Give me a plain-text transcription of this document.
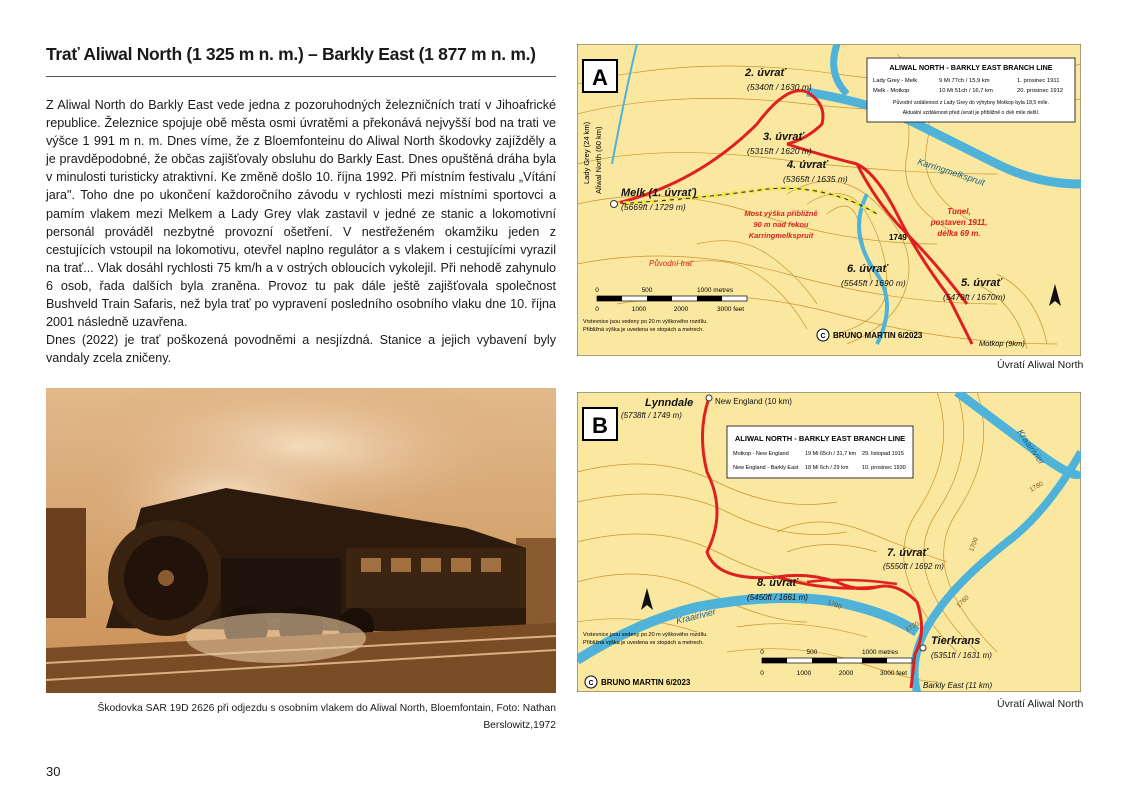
Trať Aliwal North (1 325 m n. m.) – Barkly East (1 877 m n. m.)

Z Aliwal North do Barkly East vede jedna z pozoruhodných železničních tratí v Jihoafrické republice. Železnice spojuje obě města osmi úvratěmi a překonává nejvyšší bod na trati ve výšce 1 991 m n. m. Dnes víme, že z Bloemfonteinu do Aliwal North škodovky zajížděly a je pravděpodobné, že občas zajišťovaly obsluhu do Barkly East. Dnes opuštěná dráha byla v minulosti turisticky atraktivní. Ke změně došlo 10. října 1992. Při místním festivalu „Vítání jara". Toho dne po ukončení každoročního závodu v rychlosti mezi místními sportovci a pamím vlakem mezi Melkem a Lady Grey vlak zastavil v jedné ze stanic a lokomotivní personál prováděl nezbytné provozní ošetření. V nestřeženém okamžiku jeden z cestujících vstoupil na lokomotivu, otevřel naplno regulátor a s vlakem i cestujícími vyrazil na trať... Vlak dosáhl rychlosti 75 km/h a v ostrých obloucích vykolejil. Při nehodě zahynulo 6 osob, řada dalších byla zraněna. Provoz tu pak dále ještě zajišťovala společnost Bushveld Train Safaris, než byla trať po vypravení posledního osobního vlaku dne 10. října 2001 následně uzavřena.

Dnes (2022) je trať poškozená povodněmi a nesjízdná. Stanice a jejich vybavení byly vandaly zcela zničeny.

Škodovka SAR 19D 2626 při odjezdu s osobním vlakem do Aliwal North, Bloemfontain, Foto: Nathan Berslowitz,1972
A	ALIWAL NORTH - BARKLY EAST BRANCH LINE
Lady Grey - Melk	9 Mi 77ch / 15,9 km	1. prosinec 1911
Melk - Motkop	10 Mi 51ch / 16,7 km	20. prosinec 1912
Původní vzdálenost z Lady Grey do výhybny Motkop byla 18,5 míle.
Aktuální vzdálenost před úvratí je přibližně o dvě míle delší.
2. úvrať
(5340ft / 1630 m)
3. úvrať
(5315ft / 1620 m)
4. úvrať
(5365ft / 1635 m)
Melk (1. úvrať)
(5669ft / 1729 m)
6. úvrať
(5545ft / 1690 m)	5. úvrať
(5479ft / 1670m)
Lady Grey (24 km) Aliwal North (60 km)	Karringmelkspruit
Most výška přibližně
90 m nad řekou
Karringmelkspruit
Původní trať
Tunel,
postaven 1911,
délka 69 m.
1749
Motkop (9km)
0	500	1000 metres
0	1000	2000	3000 feet
Vrstevnice jsou vedeny po 20 m výškového rozdílu.
Přibližná výška je uvedena ve stopách a metrech.
C BRUNO MARTIN 6/2023
Úvratí Aliwal North
B
ALIWAL NORTH - BARKLY EAST BRANCH LINE
Motkop - New England	19 Mi 65ch / 31,7 km 29. listopad 1915
New England - Barkly East 18 Mi 6ch / 29 km 10. prosinec 1930
Lynndale
(5738ft / 1749 m)
New England (10 km)
7. úvrať
(5550ft / 1692 m)
8. úvrať
(5450ft / 1661 m)
Tierkrans
(5351ft / 1631 m)
Barkly East (11 km)
Kraairivier
Kraairivier
1700
1780
1760
1780
1720
Vrstevnice jsou vedeny po 20 m výškového rozdílu.
Přibližná výška je uvedena ve stopách a metrech.
0	500	1000 metres
0	1000	2000	3000 feet
C BRUNO MARTIN 6/2023
Úvratí Aliwal North
30
